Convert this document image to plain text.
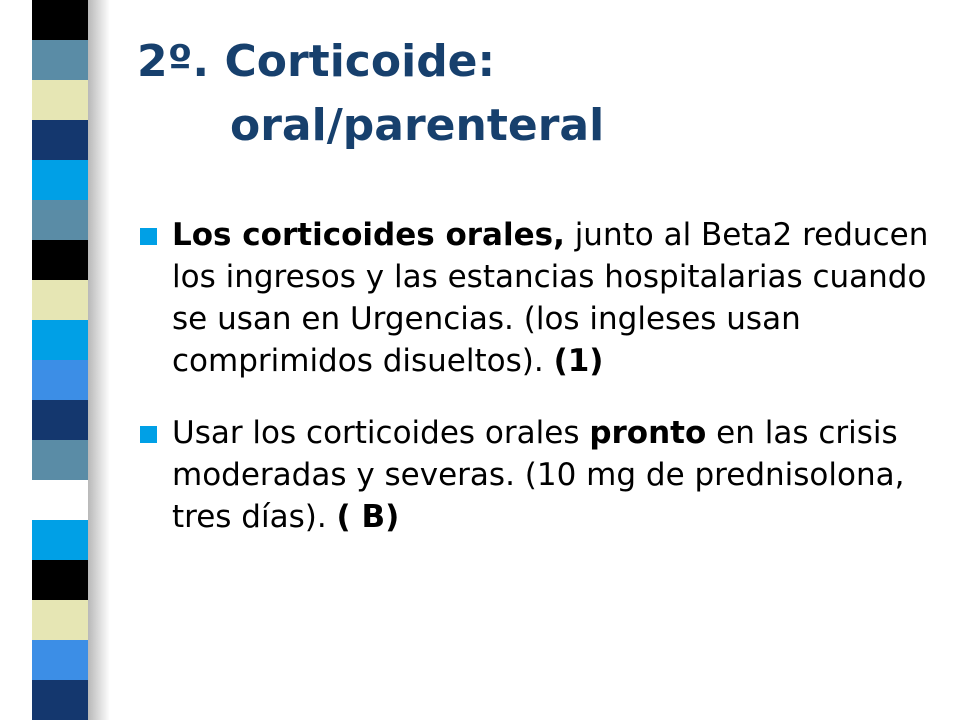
2º. Corticoide:
oral/parenteral
Los corticoides orales, junto al Beta2 reducen los ingresos y las estancias hospitalarias cuando se usan en Urgencias. (los ingleses usan comprimidos disueltos). (1)
Usar los corticoides orales pronto en las crisis moderadas y severas. (10 mg de prednisolona, tres días). ( B)
